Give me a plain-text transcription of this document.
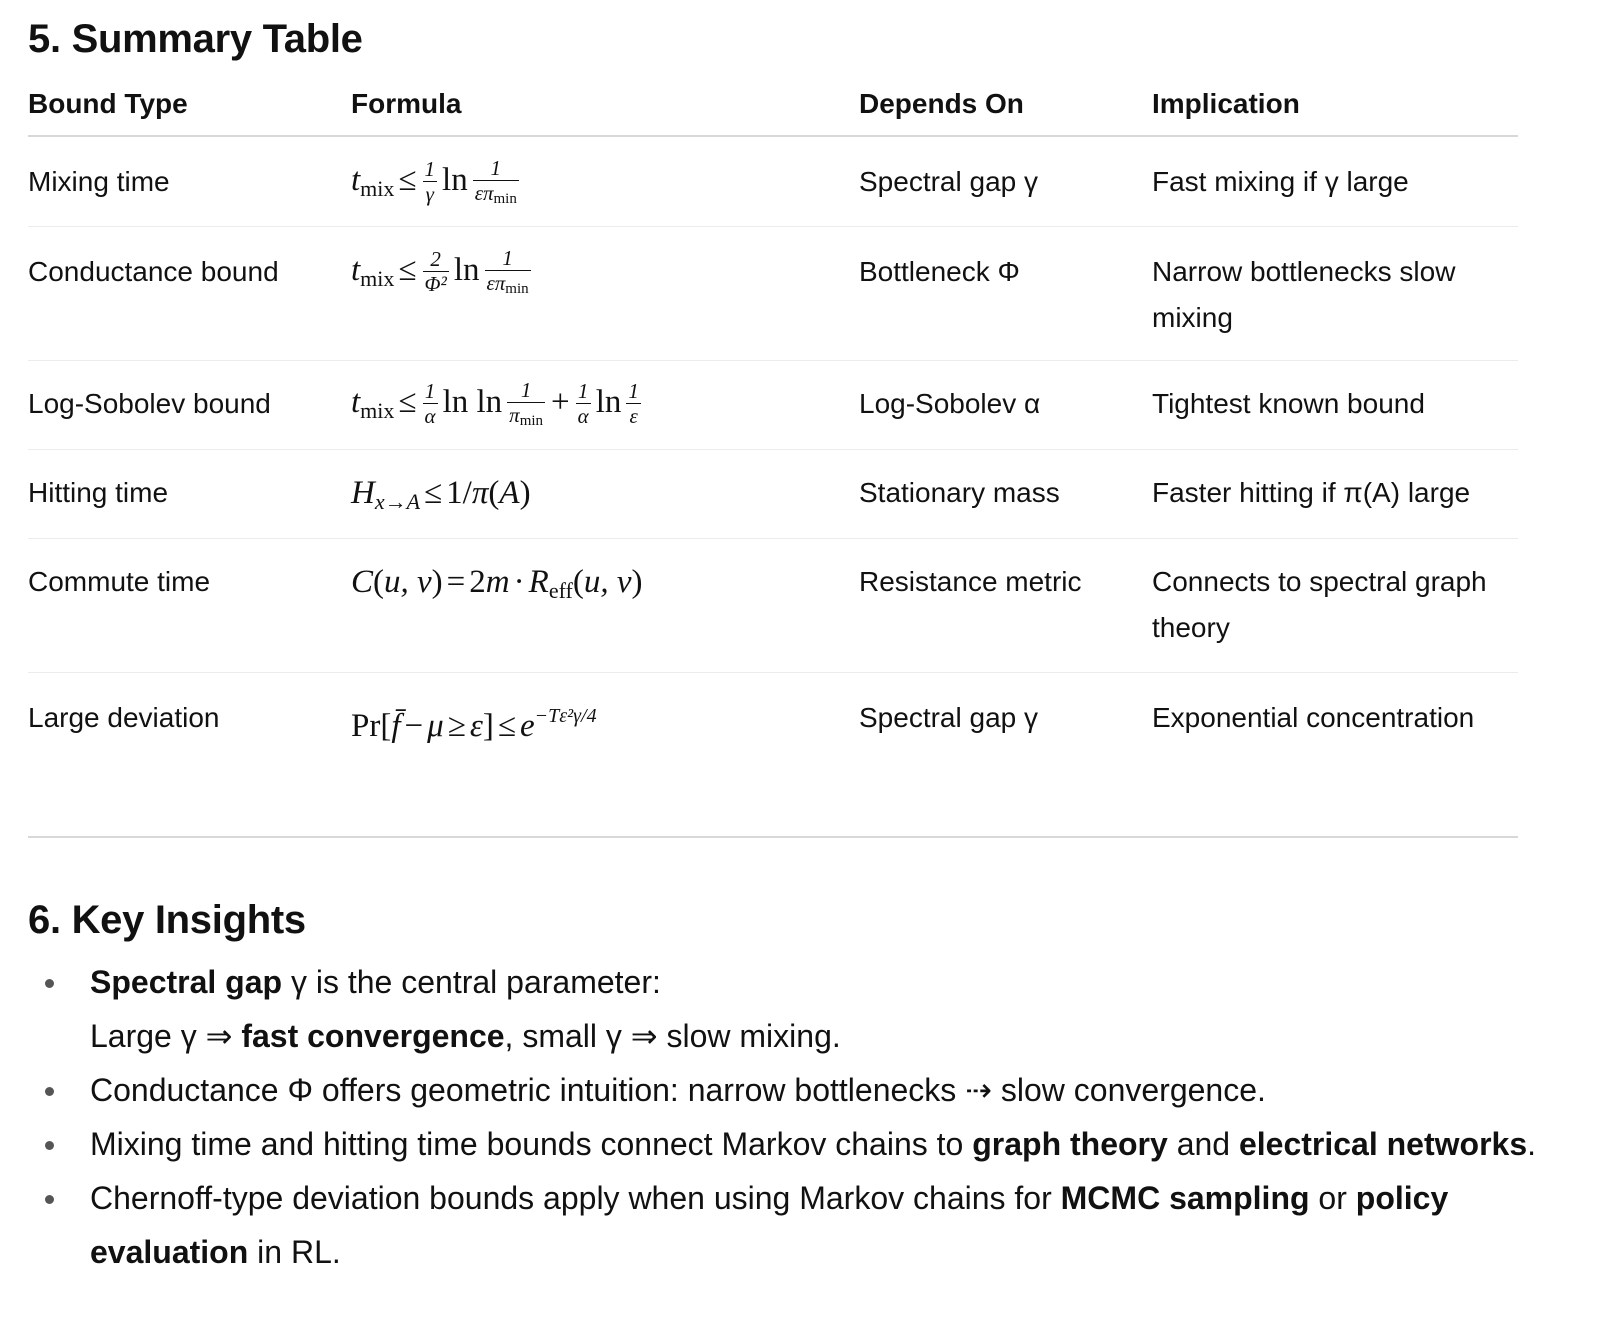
5. Summary Table
Bound Type	Formula	Depends On	Implication
Mixing time	$t_{mix} \le \frac{1}{\gamma}$ $\ln \frac{1}{\varepsilon\pi\min}$	Spectral gap γ	Fast mixing if γ large
Conductance bound	$t_{mix} \le \frac{2}{\text{Φ²}}$ $\ln \frac{1}{\varepsilon\pi\min}$	Bottleneck Φ	Narrow bottlenecks slow mixing
Log-Sobolev bound	$t_{mix} \le \frac{1}{\alpha}$ $\ln \ln \frac{1}{\pi\min} + \frac{1}{\alpha}$ $\ln \frac{1}{\varepsilon}$	Log-Sobolev α	Tightest known bound
Hitting time	Hx→A ≤ 1/π(A)	Stationary mass	Faster hitting if π(A) large
Commute time	C(u, $v) = 2m \cdot R_{eff}(u$, v)	Resistance metric	Connects to spectral graph theory
Large deviation	Pr[f̄ − $\mu \ge \varepsilon] \le e^{-T\varepsilon^2\gamma/4}$	Spectral gap γ	Exponential concentration
6. Key Insights
Spectral gap γ is the central parameter:
Large γ ⇒ fast convergence, small γ ⇒ slow mixing.
Conductance Φ offers geometric intuition: narrow bottlenecks ⇢ slow convergence.
Mixing time and hitting time bounds connect Markov chains to graph theory and electrical networks.
Chernoff-type deviation bounds apply when using Markov chains for MCMC sampling or policy evaluation in RL.
